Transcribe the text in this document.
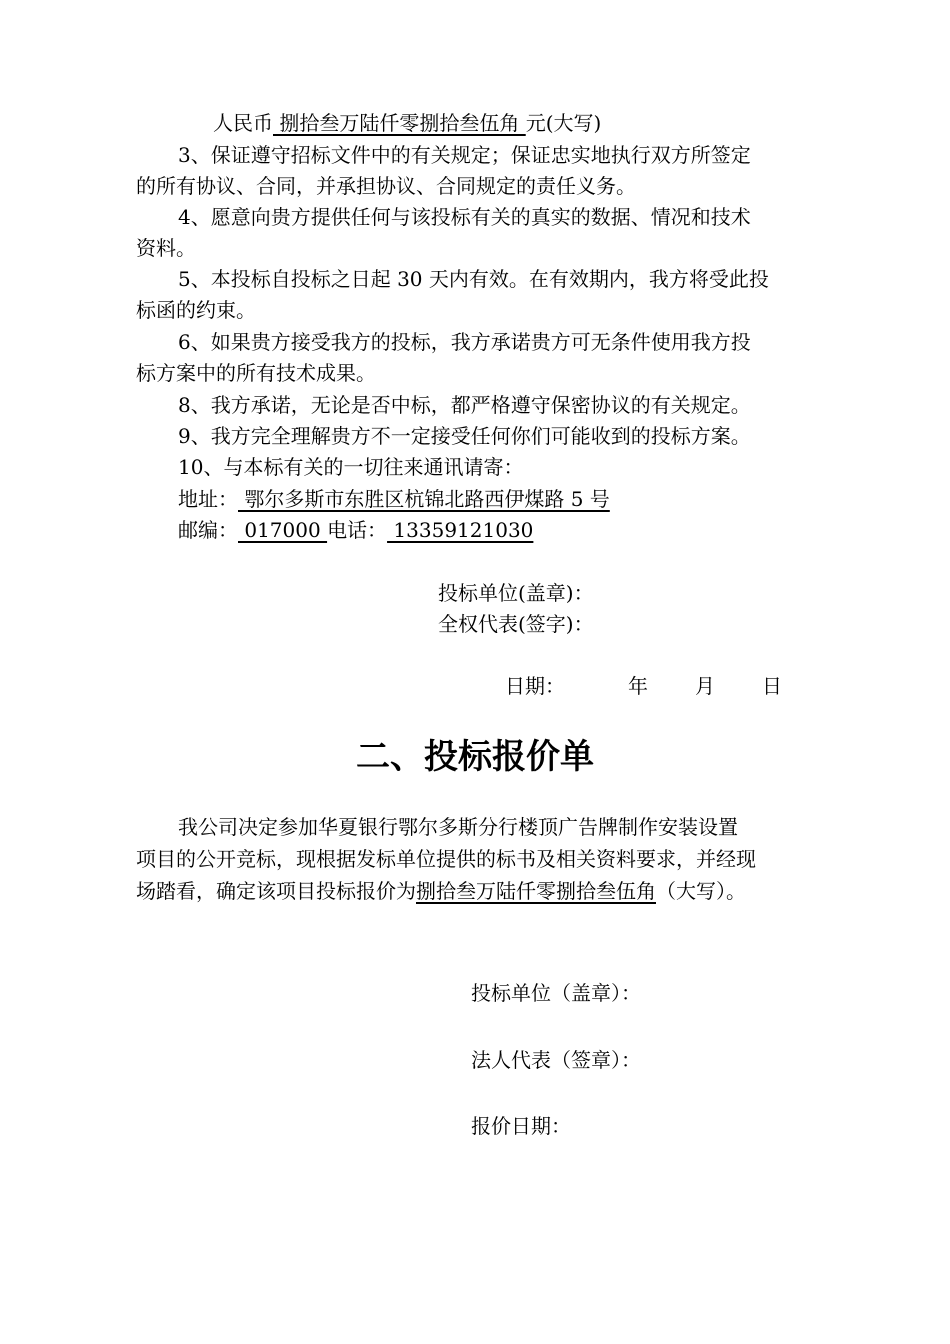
人民币 捌拾叁万陆仟零捌拾叁伍角 元(大写)
3、保证遵守招标文件中的有关规定；保证忠实地执行双方所签定
的所有协议、合同，并承担协议、合同规定的责任义务。
4、愿意向贵方提供任何与该投标有关的真实的数据、情况和技术
资料。
5、本投标自投标之日起 30 天内有效。在有效期内，我方将受此投
标函的约束。
6、如果贵方接受我方的投标，我方承诺贵方可无条件使用我方投
标方案中的所有技术成果。
8、我方承诺，无论是否中标，都严格遵守保密协议的有关规定。
9、我方完全理解贵方不一定接受任何你们可能收到的投标方案。
10、与本标有关的一切往来通讯请寄：
地址： 鄂尔多斯市东胜区杭锦北路西伊煤路 5 号
邮编： 017000 电话： 13359121030
投标单位(盖章)：
全权代表(签字)：
日期：	年 月 日
二、投标报价单
我公司决定参加华夏银行鄂尔多斯分行楼顶广告牌制作安装设置
项目的公开竞标，现根据发标单位提供的标书及相关资料要求，并经现
场踏看，确定该项目投标报价为捌拾叁万陆仟零捌拾叁伍角（大写）。
投标单位（盖章）：
法人代表（签章）：
报价日期：
